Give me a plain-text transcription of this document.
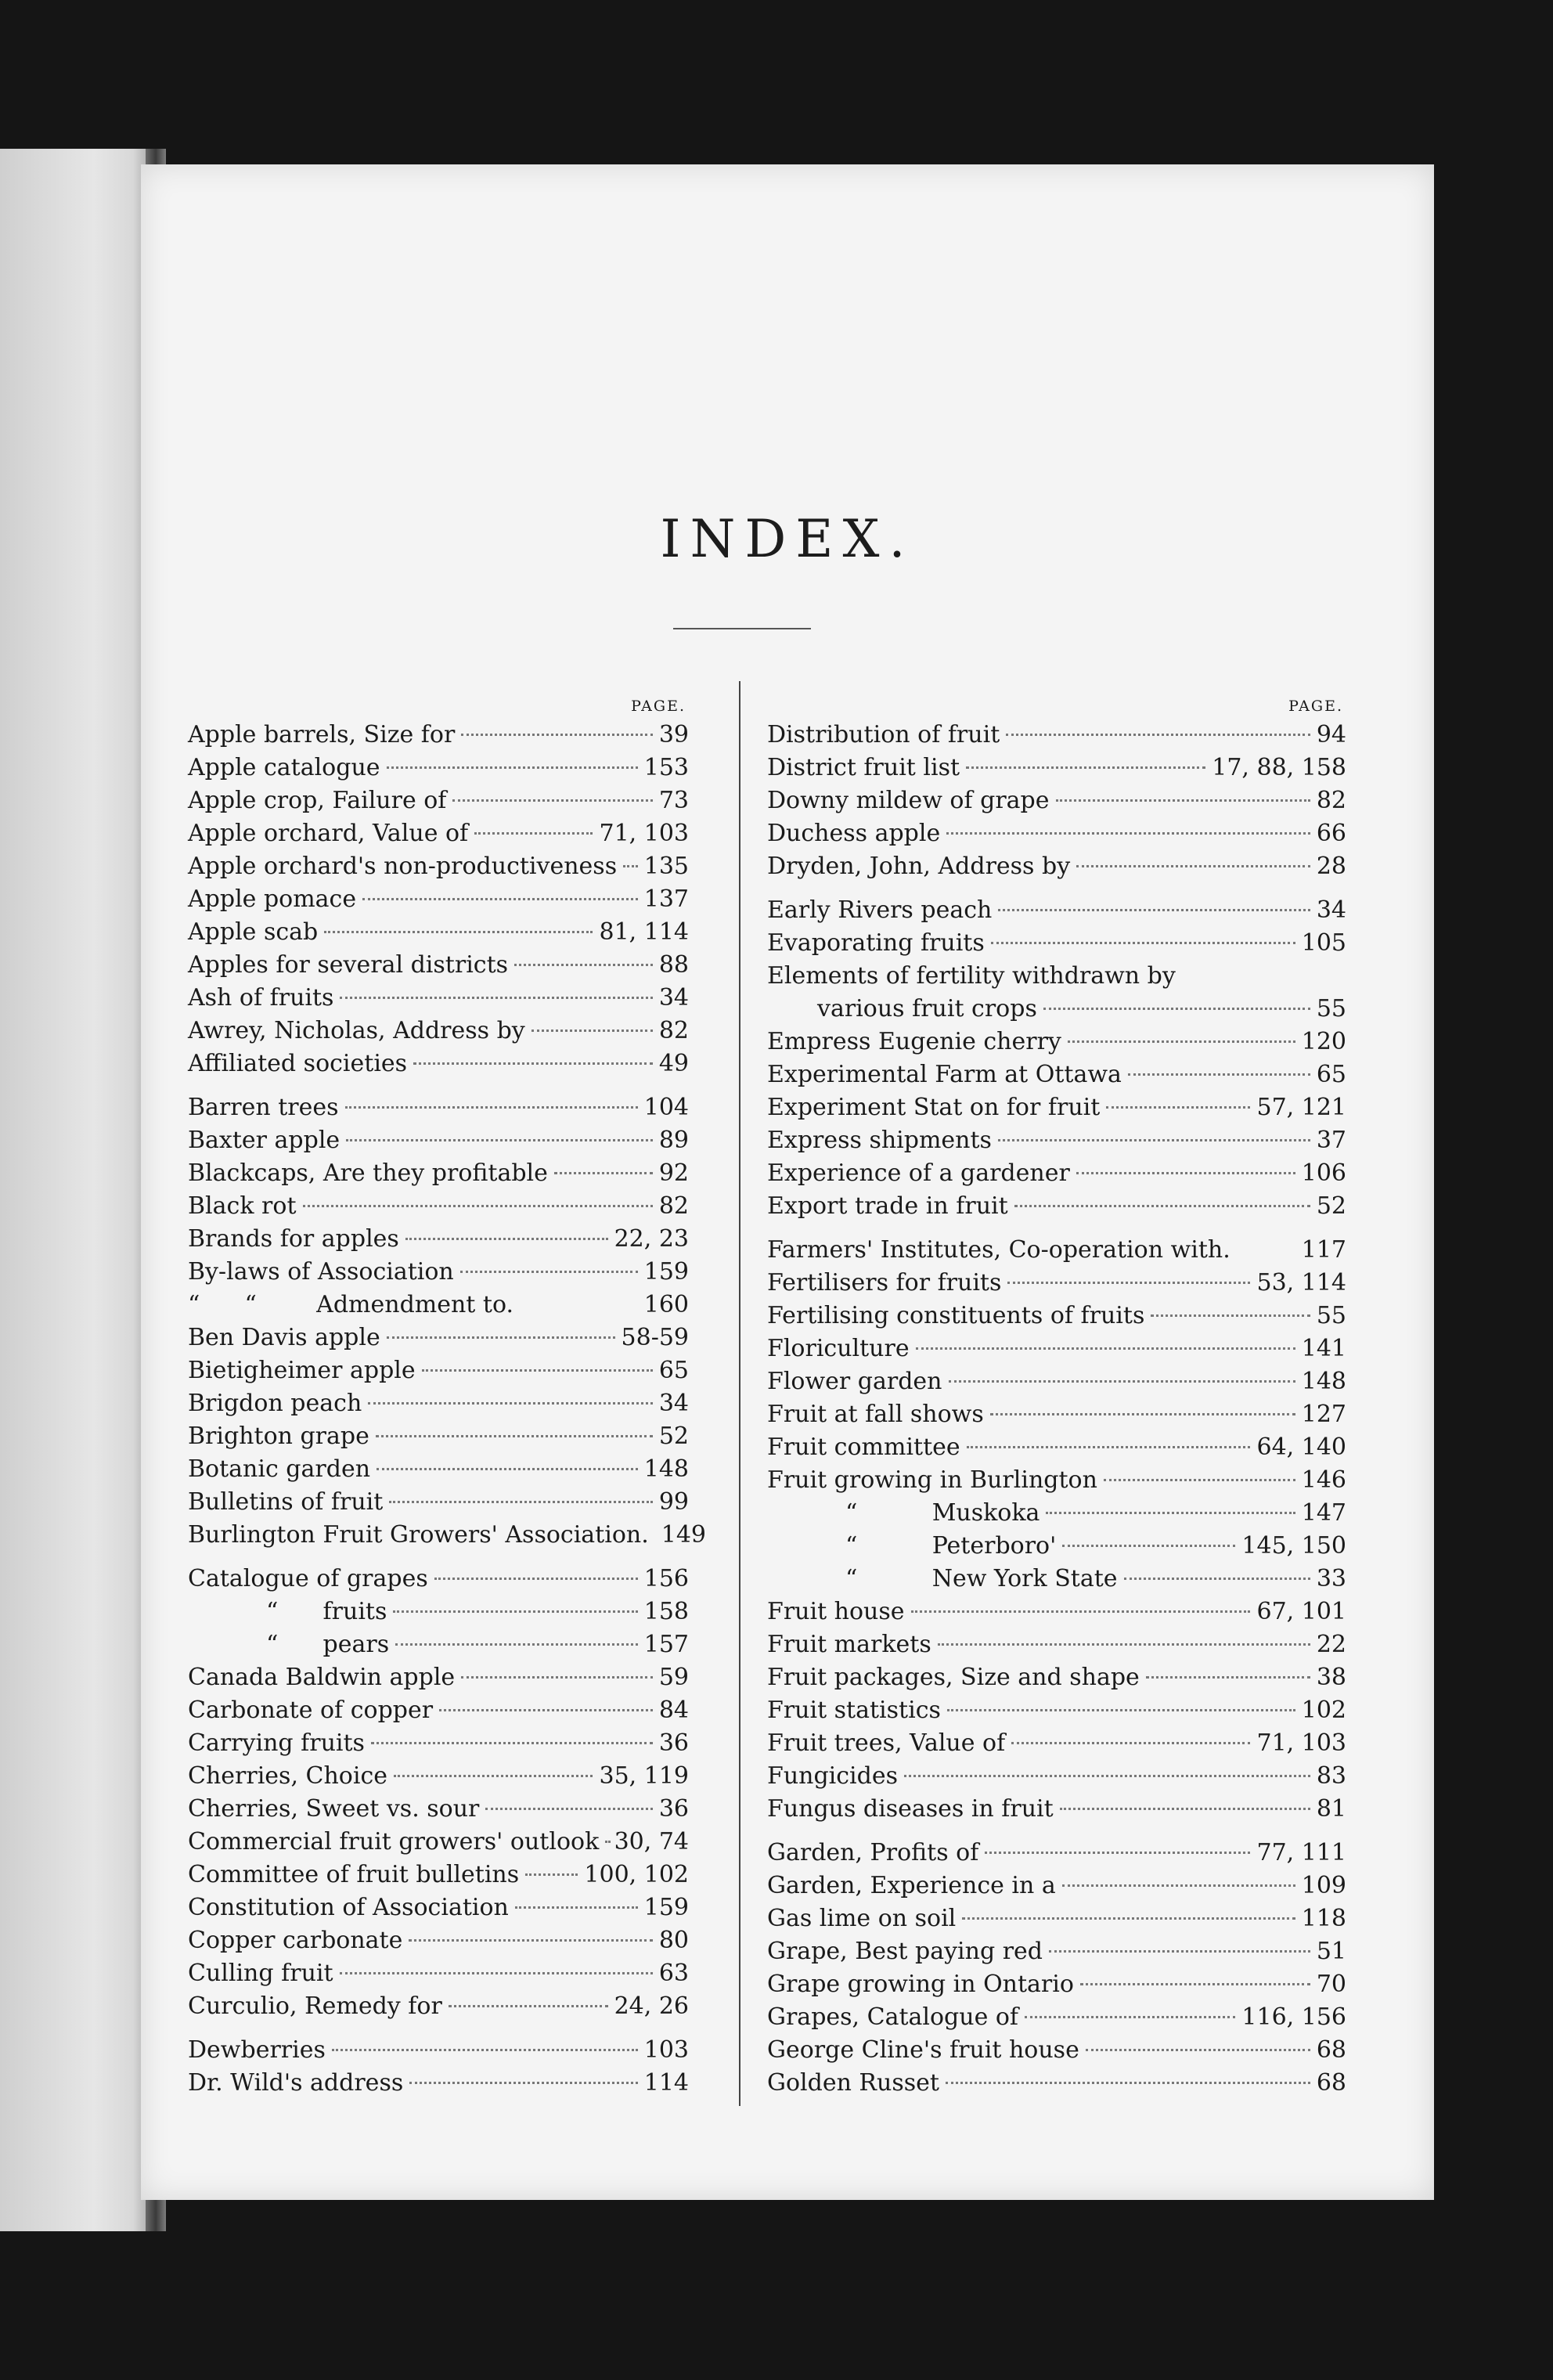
INDEX.
PAGE.
Apple barrels, Size for	39
Apple catalogue	153
Apple crop, Failure of	73
Apple orchard, Value of	71, 103
Apple orchard's non-productiveness 135
Apple pomace	137
Apple scab	81, 114
Apples for several districts	88
Ash of fruits	34
Awrey, Nicholas, Address by	82
Affiliated societies	49
Barren trees	104
Baxter apple	89
Blackcaps, Are they profitable	92
Black rot	82
Brands for apples	22, 23
By-laws of Association	159
“      “        Admendment to.	160
Ben Davis apple	58-59
Bietigheimer apple	65
Brigdon peach	34
Brighton grape	52
Botanic garden	148
Bulletins of fruit	99
Burlington Fruit Growers' Association. 149
Catalogue of grapes	156
“      fruits	158
“      pears	157
Canada Baldwin apple	59
Carbonate of copper	84
Carrying fruits	36
Cherries, Choice	35, 119
Cherries, Sweet vs. sour	36
Commercial fruit growers' outlook 30, 74
Committee of fruit bulletins	100, 102
Constitution of Association	159
Copper carbonate	80
Culling fruit	63
Curculio, Remedy for	24, 26
Dewberries	103
Dr. Wild's address	114
PAGE.
Distribution of fruit	94
District fruit list	17, 88, 158
Downy mildew of grape	82
Duchess apple	66
Dryden, John, Address by	28
Early Rivers peach	34
Evaporating fruits	105
Elements of fertility withdrawn by
various fruit crops	55
Empress Eugenie cherry	120
Experimental Farm at Ottawa	65
Experiment Stat on for fruit	57, 121
Express shipments	37
Experience of a gardener	106
Export trade in fruit	52
Farmers' Institutes, Co-operation with.	117
Fertilisers for fruits	53, 114
Fertilising constituents of fruits	55
Floriculture	141
Flower garden	148
Fruit at fall shows	127
Fruit committee	64, 140
Fruit growing in Burlington	146
“          Muskoka	147
“          Peterboro'	145, 150
“          New York State	33
Fruit house	67, 101
Fruit markets	22
Fruit packages, Size and shape	38
Fruit statistics	102
Fruit trees, Value of	71, 103
Fungicides	83
Fungus diseases in fruit	81
Garden, Profits of	77, 111
Garden, Experience in a	109
Gas lime on soil	118
Grape, Best paying red	51
Grape growing in Ontario	70
Grapes, Catalogue of	116, 156
George Cline's fruit house	68
Golden Russet	68
